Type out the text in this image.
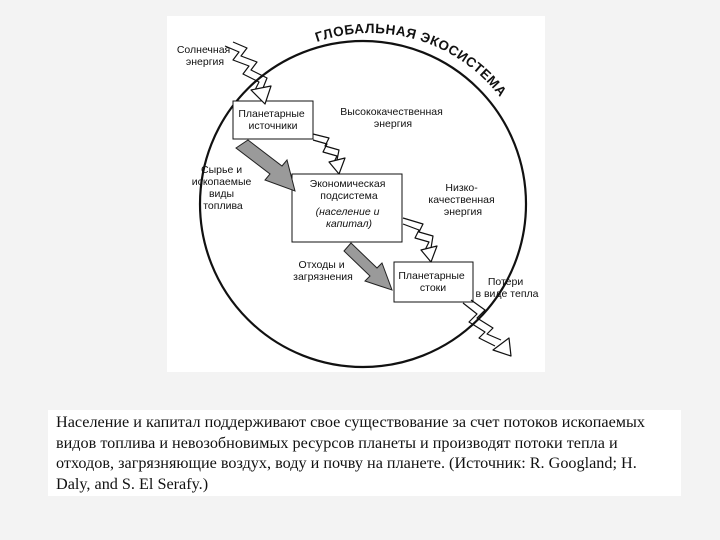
ГЛОБАЛЬНАЯ ЭКОСИСТЕМА
Солнечная энергия
Планетарные источники
Высококачественная энергия
Сырье и ископаемые виды топлива
Экономическая подсистема
(население и капитал)
Низко- качественная энергия
Отходы и загрязнения	Планетарные стоки	Потери в виде тепла

Население и капитал поддерживают свое существование за счет потоков ископаемых видов топлива и невозобновимых ресурсов планеты и производят потоки тепла и отходов, загрязняющие воздух, воду и почву на планете. (Источник: R. Googland; H. Daly, and S. El Serafy.)
